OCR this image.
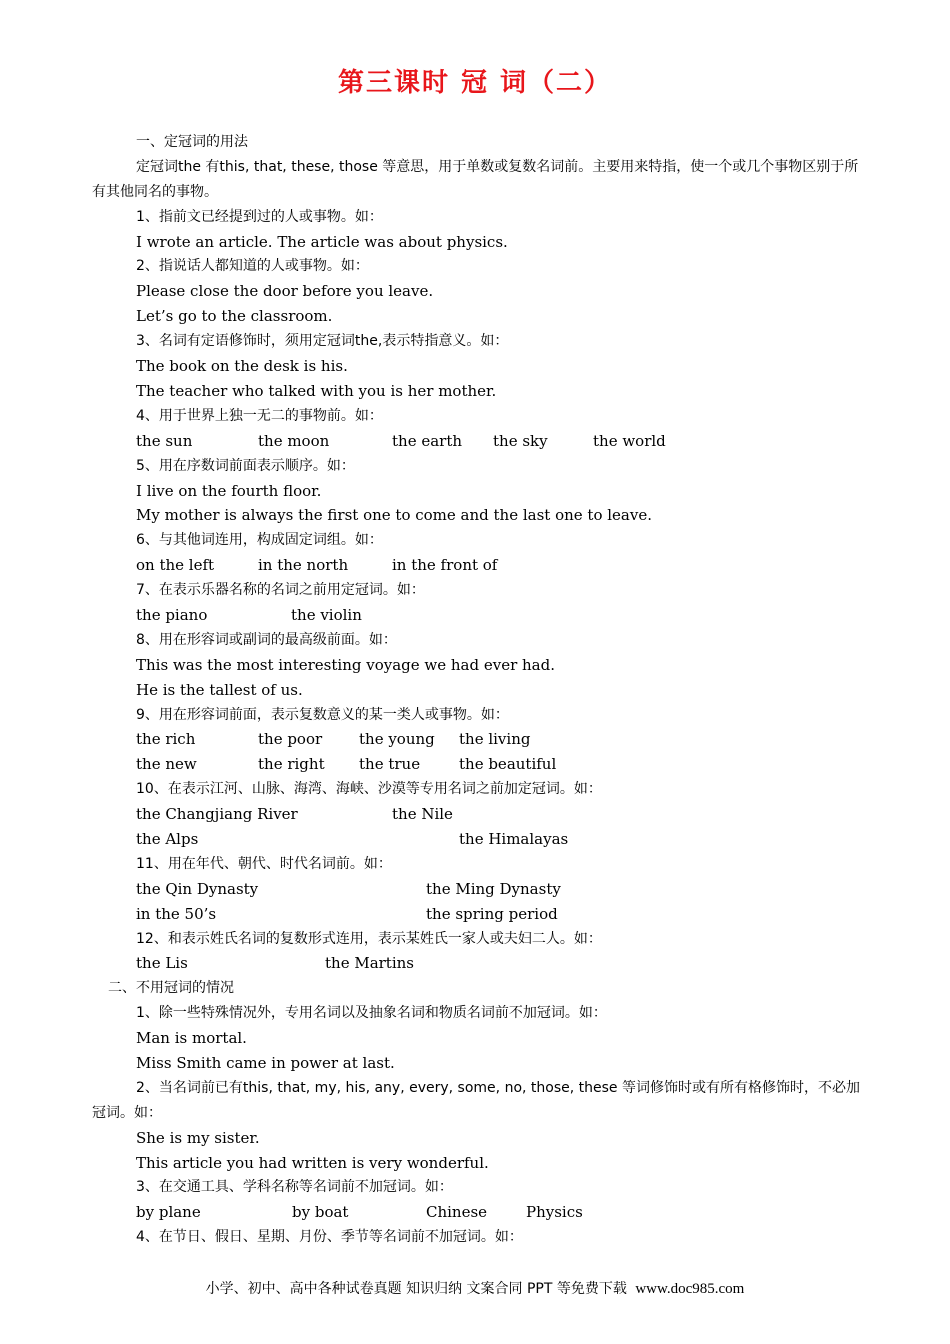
第三课时 冠 词（二）
一、定冠词的用法
定冠词the 有this, that, these, those 等意思，用于单数或复数名词前。主要用来特指，使一个或几个事物区别于所有其他同名的事物。
1、指前文已经提到过的人或事物。如：
I wrote an article. The article was about physics.
2、指说话人都知道的人或事物。如：
Please close the door before you leave.
Let’s go to the classroom.
3、名词有定语修饰时，须用定冠词the,表示特指意义。如：
The book on the desk is his.
The teacher who talked with you is her mother.
4、用于世界上独一无二的事物前。如：
the sun	the moon	the earth	the sky	the world
5、用在序数词前面表示顺序。如：
I live on the fourth floor.
My mother is always the first one to come and the last one to leave.
6、与其他词连用，构成固定词组。如：
on the left	in the north	in the front of
7、在表示乐器名称的名词之前用定冠词。如：
the piano	the violin
8、用在形容词或副词的最高级前面。如：
This was the most interesting voyage we had ever had.
He is the tallest of us.
9、用在形容词前面，表示复数意义的某一类人或事物。如：
the rich	the poor	the young	the living
the new	the right	the true	the beautiful
10、在表示江河、山脉、海湾、海峡、沙漠等专用名词之前加定冠词。如：
the Changjiang River	the Nile
the Alps	the Himalayas
11、用在年代、朝代、时代名词前。如：
the Qin Dynasty	the Ming Dynasty
in the 50’s	the spring period
12、和表示姓氏名词的复数形式连用，表示某姓氏一家人或夫妇二人。如：
the Lis	the Martins
二、不用冠词的情况
1、除一些特殊情况外，专用名词以及抽象名词和物质名词前不加冠词。如：
Man is mortal.
Miss Smith came in power at last.
2、当名词前已有this, that, my, his, any, every, some, no, those, these 等词修饰时或有所有格修饰时，不必加冠词。如：
She is my sister.
This article you had written is very wonderful.
3、在交通工具、学科名称等名词前不加冠词。如：
by plane	by boat	Chinese	Physics
4、在节日、假日、星期、月份、季节等名词前不加冠词。如：
小学、初中、高中各种试卷真题 知识归纳 文案合同 PPT 等免费下载 www.doc985.com
